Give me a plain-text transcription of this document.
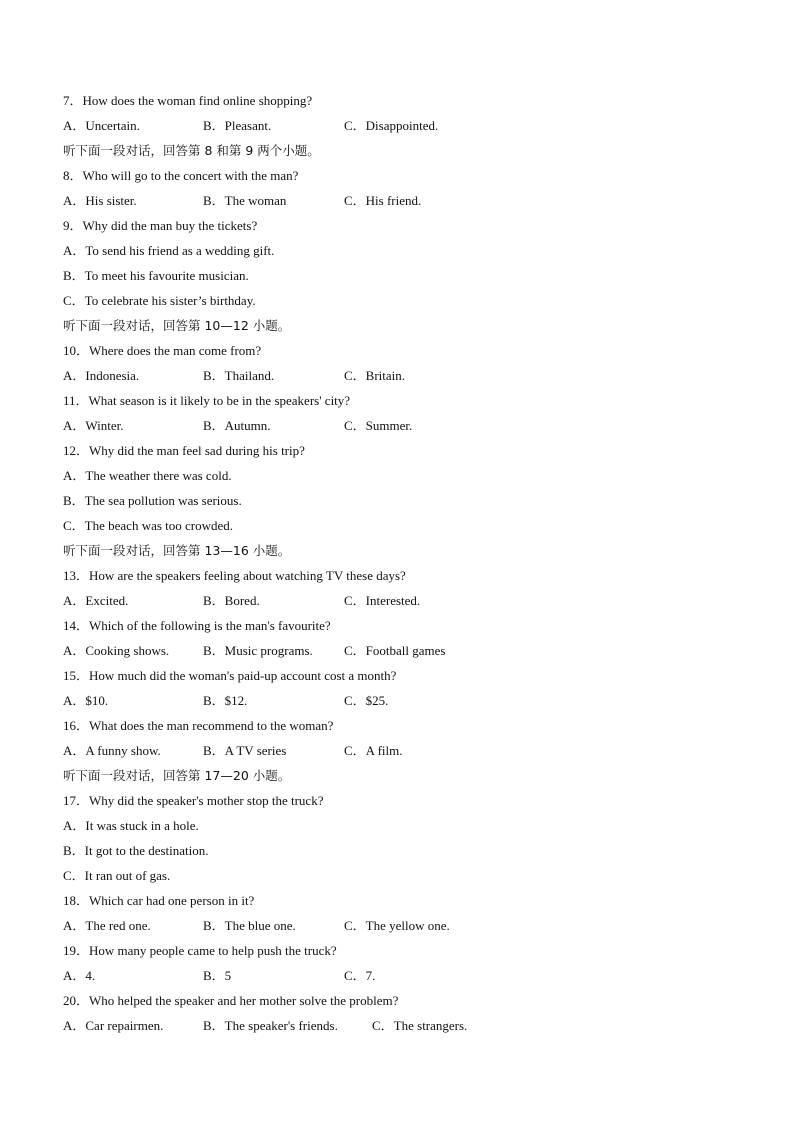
7．How does the woman find online shopping?
A．Uncertain.	B．Pleasant.	C．Disappointed.
听下面一段对话，回答第 8 和第 9 两个小题。
8．Who will go to the concert with the man?
A．His sister.	B．The woman	C．His friend.
9．Why did the man buy the tickets?
A．To send his friend as a wedding gift.
B．To meet his favourite musician.
C．To celebrate his sister’s birthday.
听下面一段对话，回答第 10—12 小题。
10．Where does the man come from?
A．Indonesia.	B．Thailand.	C．Britain.
11．What season is it likely to be in the speakers' city?
A．Winter.	B．Autumn.	C．Summer.
12．Why did the man feel sad during his trip?
A．The weather there was cold.
B．The sea pollution was serious.
C．The beach was too crowded.
听下面一段对话，回答第 13—16 小题。
13．How are the speakers feeling about watching TV these days?
A．Excited.	B．Bored.	C．Interested.
14．Which of the following is the man's favourite?
A．Cooking shows.	B．Music programs. C．Football games
15．How much did the woman's paid-up account cost a month?
A．$10.	B．$12.	C．$25.
16．What does the man recommend to the woman?
A．A funny show.	B．A TV series	C．A film.
听下面一段对话，回答第 17—20 小题。
17．Why did the speaker's mother stop the truck?
A．It was stuck in a hole.
B．It got to the destination.
C．It ran out of gas.
18．Which car had one person in it?
A．The red one.	B．The blue one.	C．The yellow one.
19．How many people came to help push the truck?
A．4.	B．5	C．7.
20．Who helped the speaker and her mother solve the problem?
A．Car repairmen.	B．The speaker's friends.	C．The strangers.
